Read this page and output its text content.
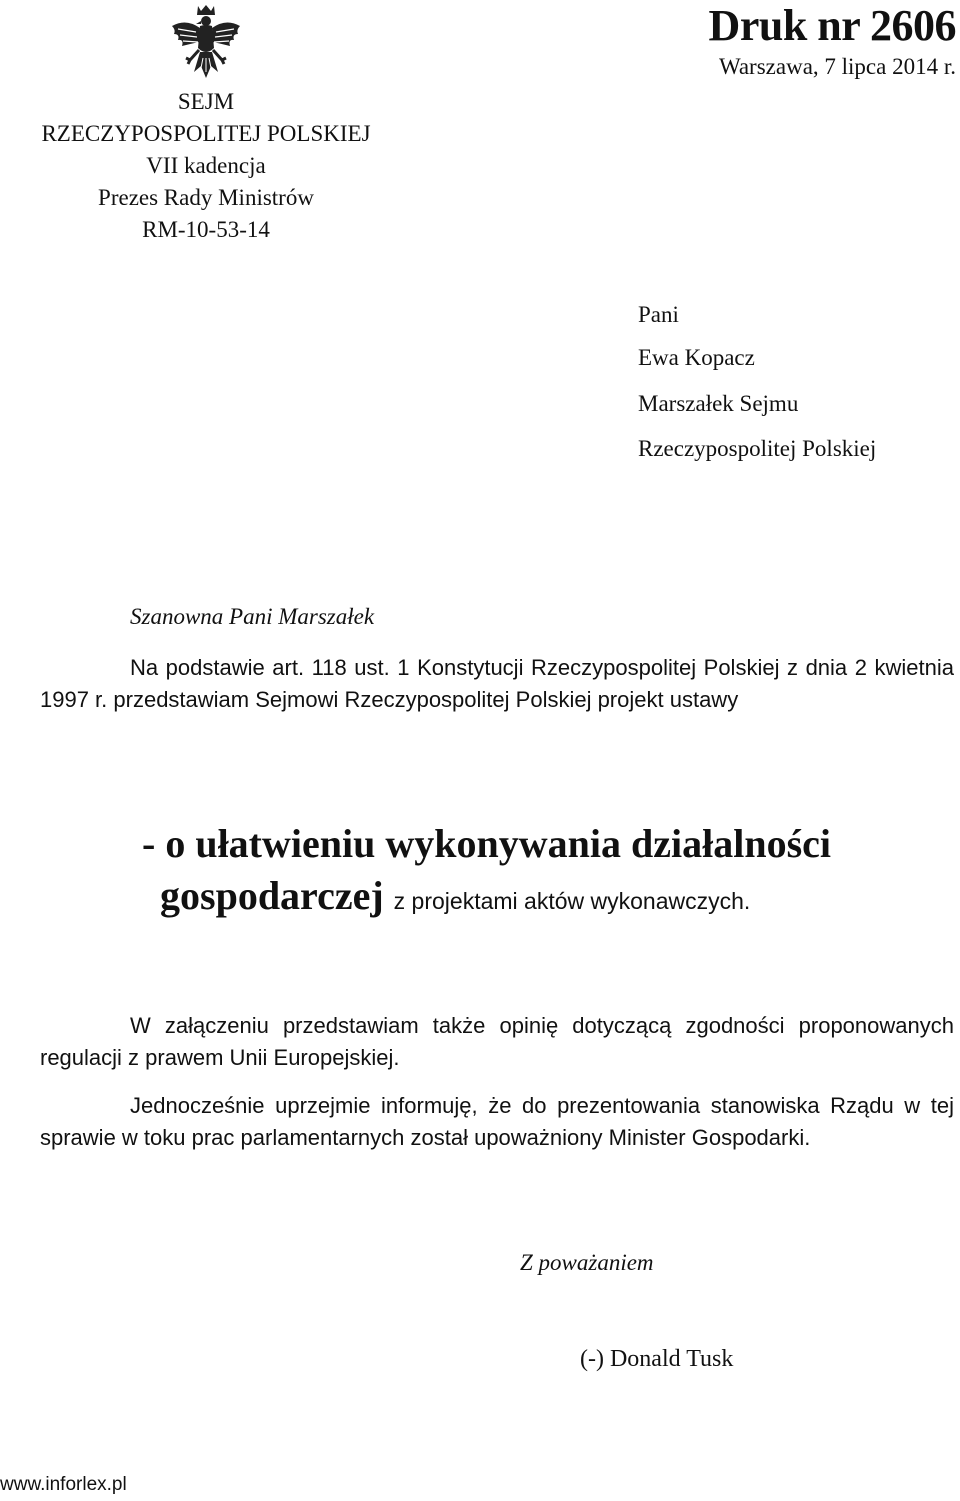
SEJM
RZECZYPOSPOLITEJ POLSKIEJ
VII kadencja
Prezes Rady Ministrów
RM-10-53-14
Druk nr 2606
Warszawa, 7 lipca 2014 r.
Pani
Ewa Kopacz
Marszałek Sejmu
Rzeczypospolitej Polskiej
Szanowna Pani Marszałek
Na podstawie art. 118 ust. 1 Konstytucji Rzeczypospolitej Polskiej z dnia 2 kwietnia 1997 r. przedstawiam Sejmowi Rzeczypospolitej Polskiej projekt ustawy
- o ułatwieniu wykonywania działalności
gospodarczej z projektami aktów wykonawczych.
W załączeniu przedstawiam także opinię dotyczącą zgodności proponowanych regulacji z prawem Unii Europejskiej.
Jednocześnie uprzejmie informuję, że do prezentowania stanowiska Rządu w tej sprawie w toku prac parlamentarnych został upoważniony Minister Gospodarki.
Z poważaniem
(-) Donald Tusk
www.inforlex.pl
